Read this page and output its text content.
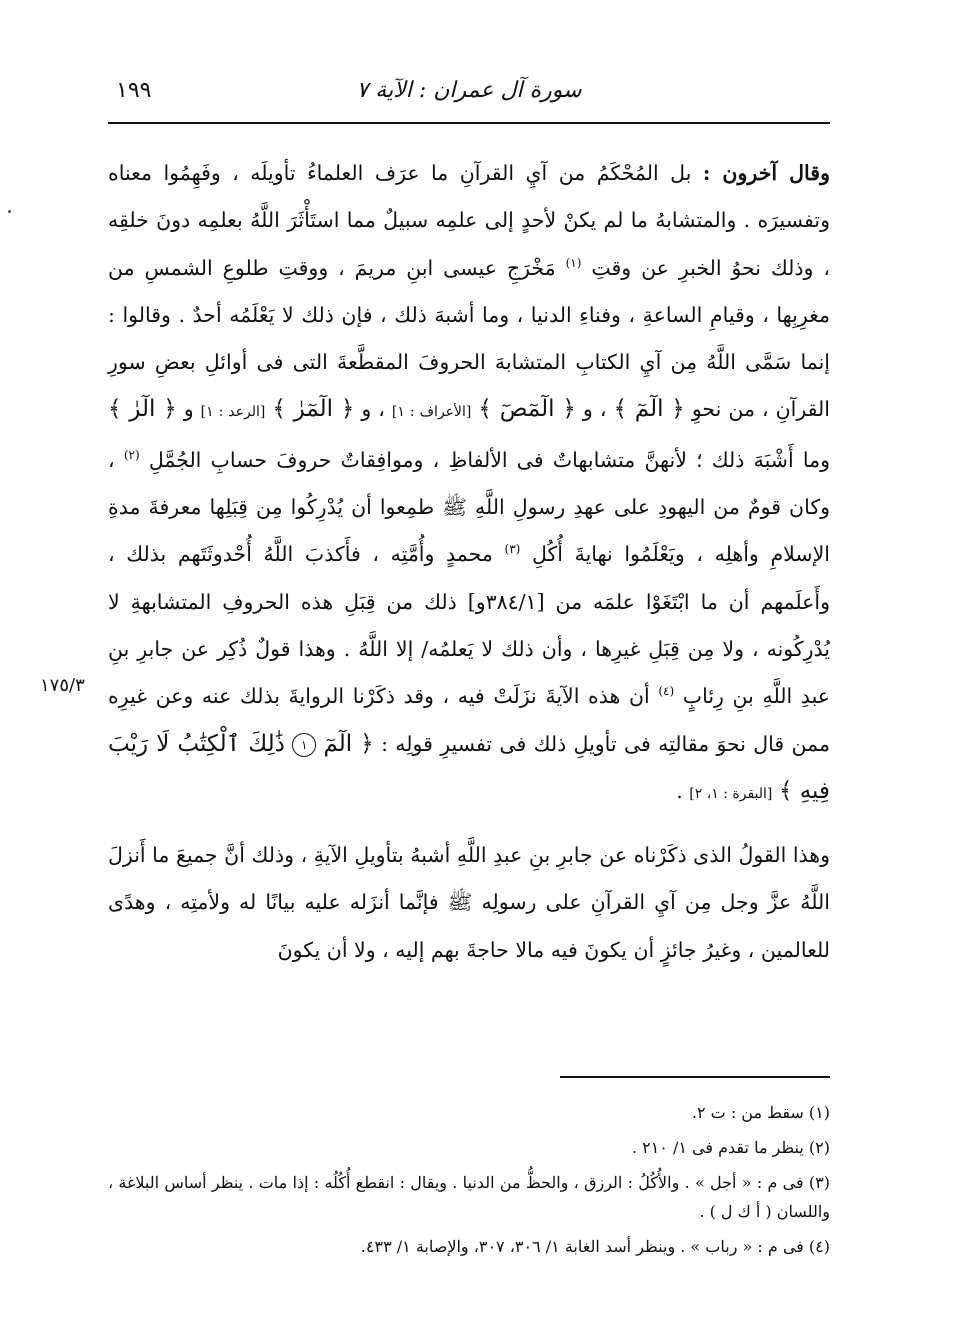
سورة آل عمران : الآية ٧
١٩٩
١٧٥/٣

وقال آخرون : بل المُحْكَمُ من آيِ القرآنِ ما عرَف العلماءُ تأويلَه ، وفَهِمُوا معناه وتفسيرَه . والمتشابهُ ما لم يكنْ لأحدٍ إلى علمِه سبيلٌ مما استَأْثَرَ اللَّهُ بعلمِه دونَ خلقِه ، وذلك نحوُ الخبرِ عن وقتِ $^{(١)}$ مَخْرَجِ عيسى ابنِ مريمَ ، ووقتِ طلوعِ الشمسِ من مغرِبِها ، وقيامِ الساعةِ ، وفناءِ الدنيا ، وما أشبهَ ذلك ، فإن ذلك لا يَعْلَمُه أحدٌ . وقالوا : إنما سَمَّى اللَّهُ مِن آيِ الكتابِ المتشابهَ الحروفَ المقطَّعةَ التى فى أوائلِ بعضِ سورِ القرآنِ ، من نحوِ ﴿ الٓمٓ ﴾ ، و ﴿ الٓمٓصٓ ﴾ [الأعراف : ١] ، و ﴿ الٓمٓرٰ ﴾ [الرعد : ١] و ﴿ الٓرٰ ﴾ وما أَشْبَهَ ذلك ؛ لأنهنَّ متشابهاتٌ فى الألفاظِ ، وموافِقاتٌ حروفَ حسابِ الجُمَّلِ $^{(٢)}$ ، وكان قومٌ من اليهودِ على عهدِ رسولِ اللَّهِ ﷺ طمِعوا أن يُدْرِكُوا مِن قِبَلِها معرفةَ مدةِ الإسلامِ وأهلِه ، ويَعْلَمُوا نهايةَ أُكُلِ $^{(٣)}$ محمدٍ وأُمَّتِه ، فأَكذبَ اللَّهُ أُحْدوثَتَهم بذلك ، وأَعلَمهم أن ما ابْتَغَوْا علمَه من [٣٨٤/١و] ذلك من قِبَلِ هذه الحروفِ المتشابهةِ لا يُدْرِكُونه ، ولا مِن قِبَلِ غيرِها ، وأن ذلك لا يَعلمُه/ إلا اللَّهُ . وهذا قولٌ ذُكِر عن جابرِ بنِ عبدِ اللَّهِ بنِ رِئابٍ $^{(٤)}$ أن هذه الآيةَ نزَلَتْ فيه ، وقد ذكَرْنا الروايةَ بذلك عنه وعن غيرِه ممن قال نحوَ مقالتِه فى تأويلِ ذلك فى تفسيرِ قولِه : ﴿ الٓمٓ ١ ذَٰلِكَ ٱلْكِتَٰبُ لَا رَيْبَ فِيهِ ﴾ [البقرة : ١، ٢] .

وهذا القولُ الذى ذكَرْناه عن جابرِ بنِ عبدِ اللَّهِ أشبهُ بتأويلِ الآيةِ ، وذلك أنَّ جميعَ ما أَنزلَ اللَّهُ عزَّ وجل مِن آيِ القرآنِ على رسولِه ﷺ فإنَّما أنزَله عليه بيانًا له ولأمتِه ، وهدًى للعالمين ، وغيرُ جائزٍ أن يكونَ فيه مالا حاجةَ بهم إليه ، ولا أن يكونَ

(١) سقط من : ت ٢.

(٢) ينظر ما تقدم فى ١/ ٢١٠ .

(٣) فى م : « أجل » . والأُكُلُ : الرزق ، والحظُّ من الدنيا . ويقال : انقطع أُكُلُه : إذا مات . ينظر أساس البلاغة ، واللسان ( أ ك ل ) .

(٤) فى م : « رباب » . وينظر أسد الغابة ١/ ٣٠٦، ٣٠٧، والإصابة ١/ ٤٣٣.
